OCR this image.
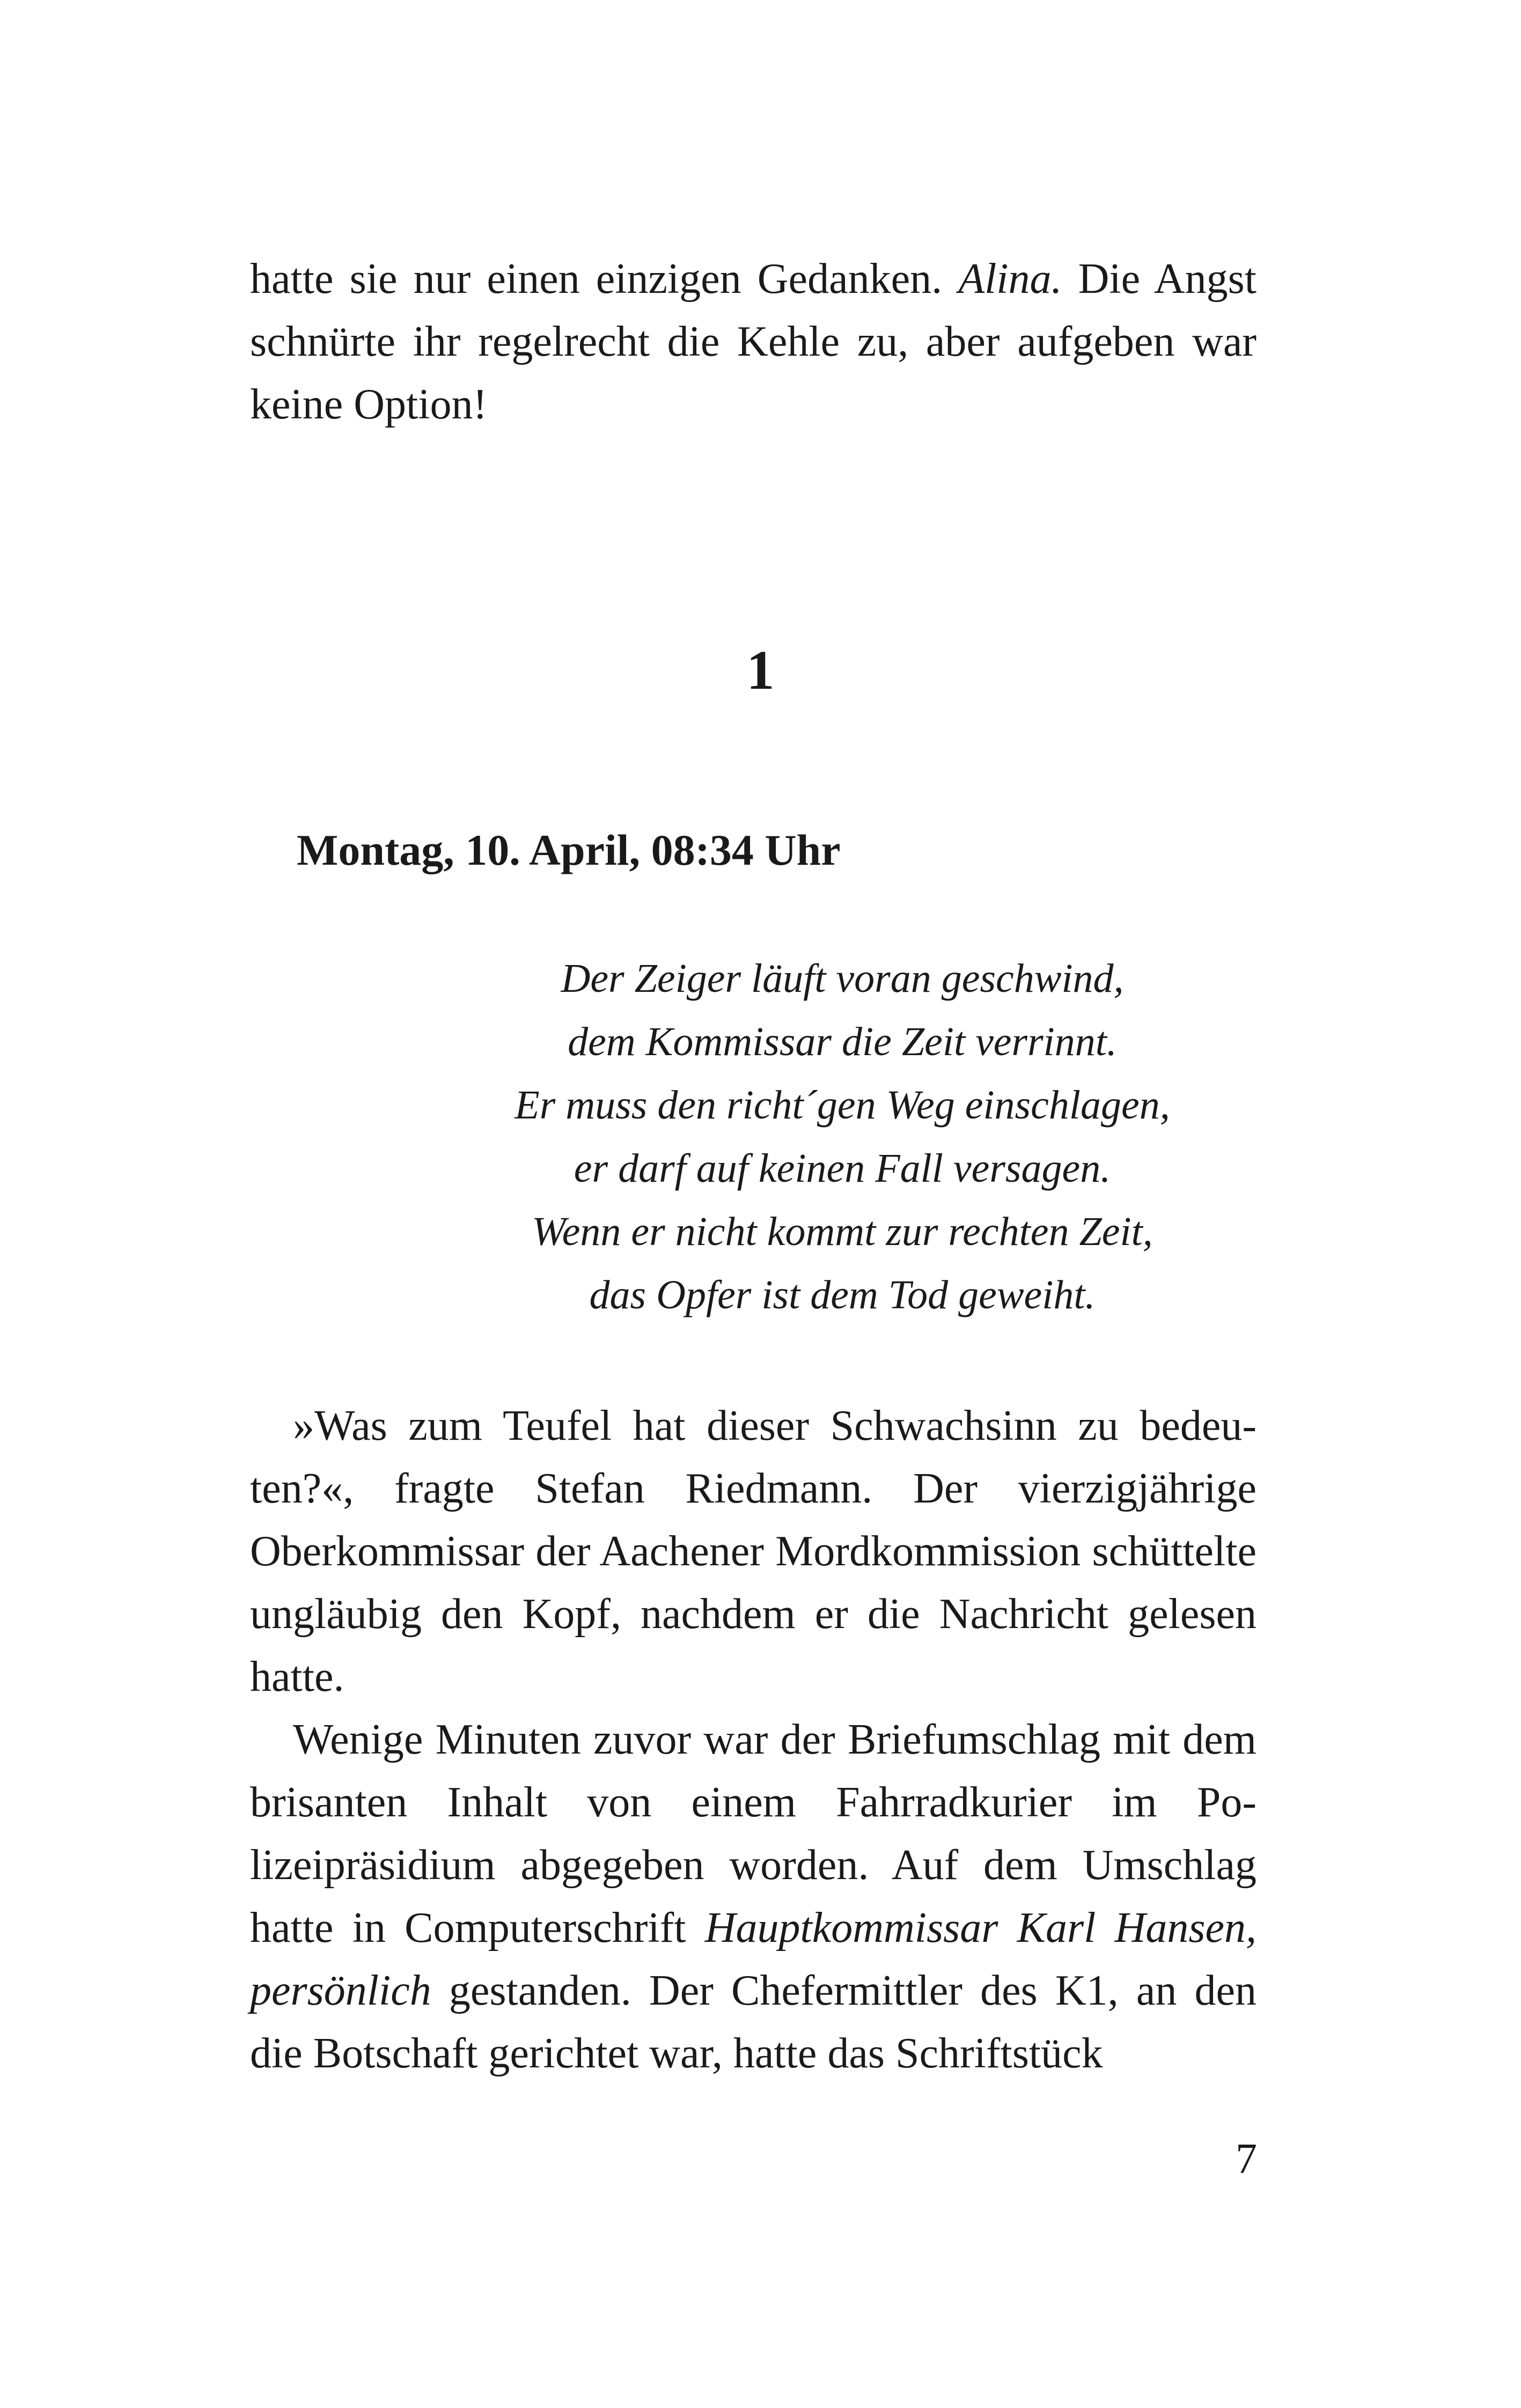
hatte sie nur einen einzigen Gedanken. Alina. Die Angst schnürte ihr regelrecht die Kehle zu, aber aufgeben war keine Option!

1
Montag, 10. April, 08:34 Uhr
Der Zeiger läuft voran geschwind,
dem Kommissar die Zeit verrinnt.
Er muss den richt´gen Weg einschlagen,
er darf auf keinen Fall versagen.
Wenn er nicht kommt zur rechten Zeit,
das Opfer ist dem Tod geweiht.

»Was zum Teufel hat dieser Schwachsinn zu bedeuten?«, fragte Stefan Riedmann. Der vierzigjährige Oberkommissar der Aachener Mordkommission schüttelte ungläubig den Kopf, nachdem er die Nachricht gelesen hatte.

Wenige Minuten zuvor war der Briefumschlag mit dem brisanten Inhalt von einem Fahrradkurier im Polizeipräsidium abgegeben worden. Auf dem Umschlag hatte in Computerschrift Hauptkommissar Karl Hansen, persönlich gestanden. Der Chefermittler des K1, an den die Botschaft gerichtet war, hatte das Schriftstück

7
